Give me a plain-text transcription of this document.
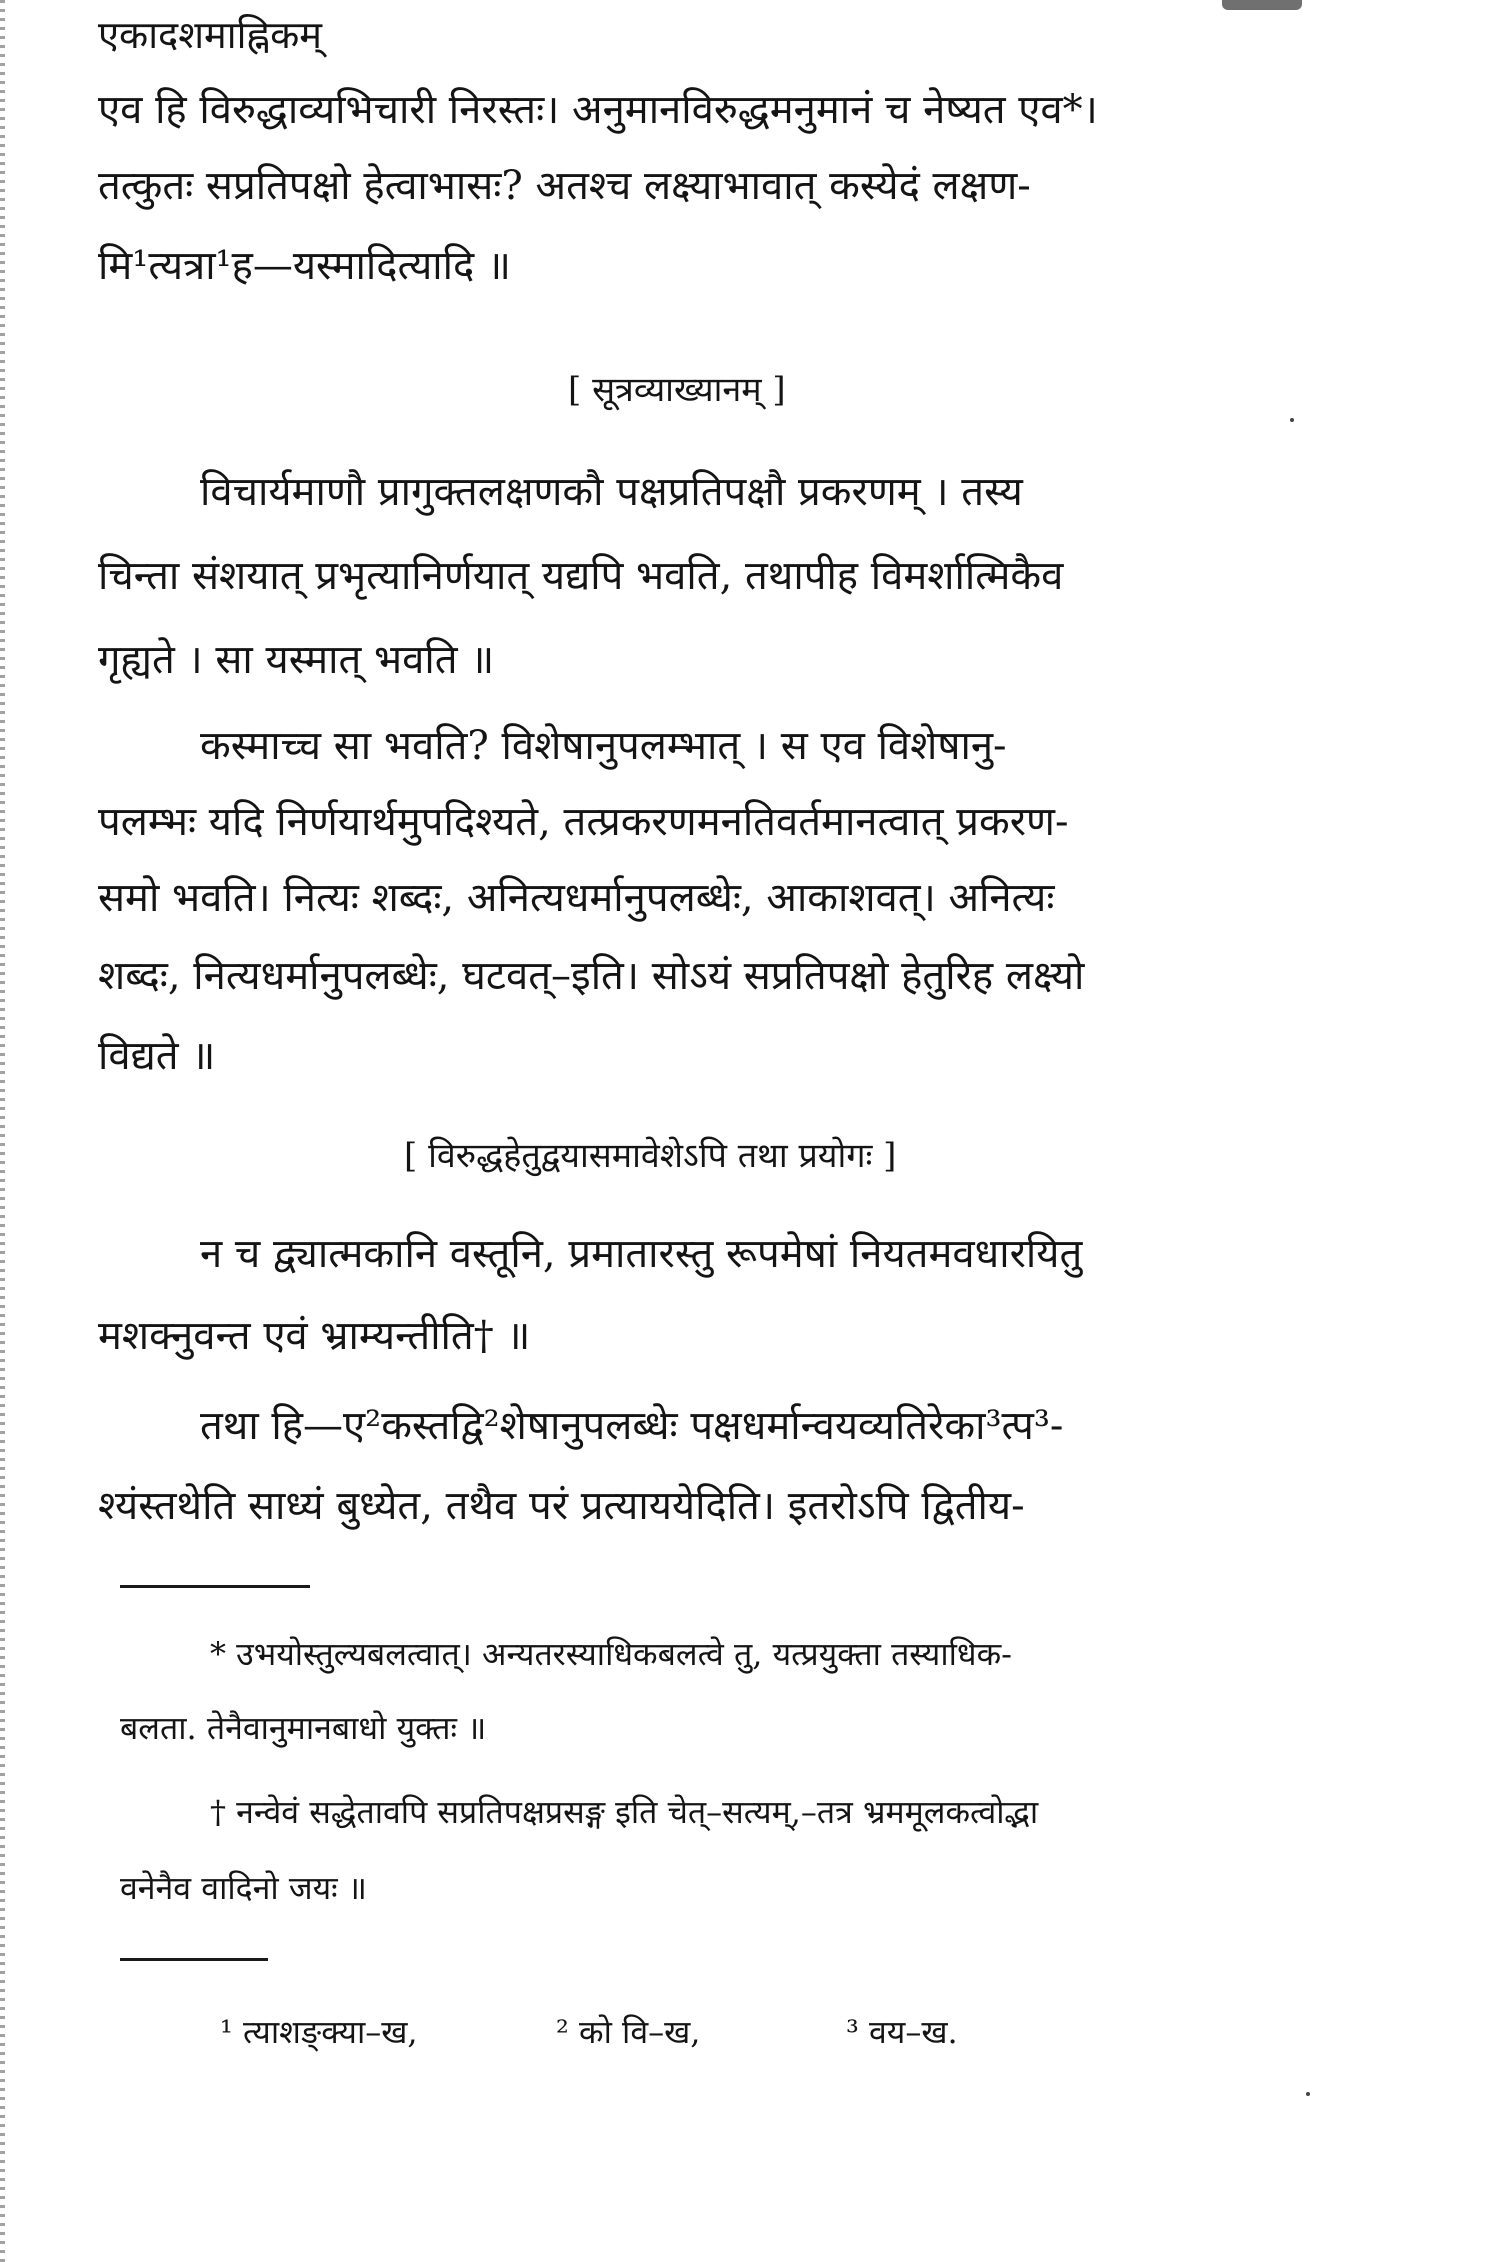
एकादशमाह्निकम्

एव हि विरुद्धाव्यभिचारी निरस्तः। अनुमानविरुद्धमनुमानं च नेष्यत एव*।

तत्कुतः सप्रतिपक्षो हेत्वाभासः? अतश्च लक्ष्याभावात् कस्येदं लक्षण-

मि¹त्यत्रा¹ह—यस्मादित्यादि ॥

[ सूत्रव्याख्यानम् ]

विचार्यमाणौ प्रागुक्तलक्षणकौ पक्षप्रतिपक्षौ प्रकरणम् । तस्य

चिन्ता संशयात् प्रभृत्यानिर्णयात् यद्यपि भवति, तथापीह विमर्शात्मिकैव

गृह्यते । सा यस्मात् भवति ॥

कस्माच्च सा भवति? विशेषानुपलम्भात् । स एव विशेषानु-

पलम्भः यदि निर्णयार्थमुपदिश्यते, तत्प्रकरणमनतिवर्तमानत्वात् प्रकरण-

समो भवति। नित्यः शब्दः, अनित्यधर्मानुपलब्धेः, आकाशवत्। अनित्यः

शब्दः, नित्यधर्मानुपलब्धेः, घटवत्–इति। सोऽयं सप्रतिपक्षो हेतुरिह लक्ष्यो

विद्यते ॥

[ विरुद्धहेतुद्वयासमावेशेऽपि तथा प्रयोगः ]

न च द्व्यात्मकानि वस्तूनि, प्रमातारस्तु रूपमेषां नियतमवधारयितु

मशक्नुवन्त एवं भ्राम्यन्तीति† ॥

तथा हि—ए²कस्तद्वि²शेषानुपलब्धेः पक्षधर्मान्वयव्यतिरेका³त्प³-

श्यंस्तथेति साध्यं बुध्येत, तथैव परं प्रत्याययेदिति। इतरोऽपि द्वितीय-

* उभयोस्तुल्यबलत्वात्। अन्यतरस्याधिकबलत्वे तु, यत्प्रयुक्ता तस्याधिक-

बलता. तेनैवानुमानबाधो युक्तः ॥

† नन्वेवं सद्धेतावपि सप्रतिपक्षप्रसङ्ग इति चेत्–सत्यम्,–तत्र भ्रममूलकत्वोद्भा

वनेनैव वादिनो जयः ॥

¹ त्याशङ्क्या–ख,	² को वि–ख,	³ वय–ख.
